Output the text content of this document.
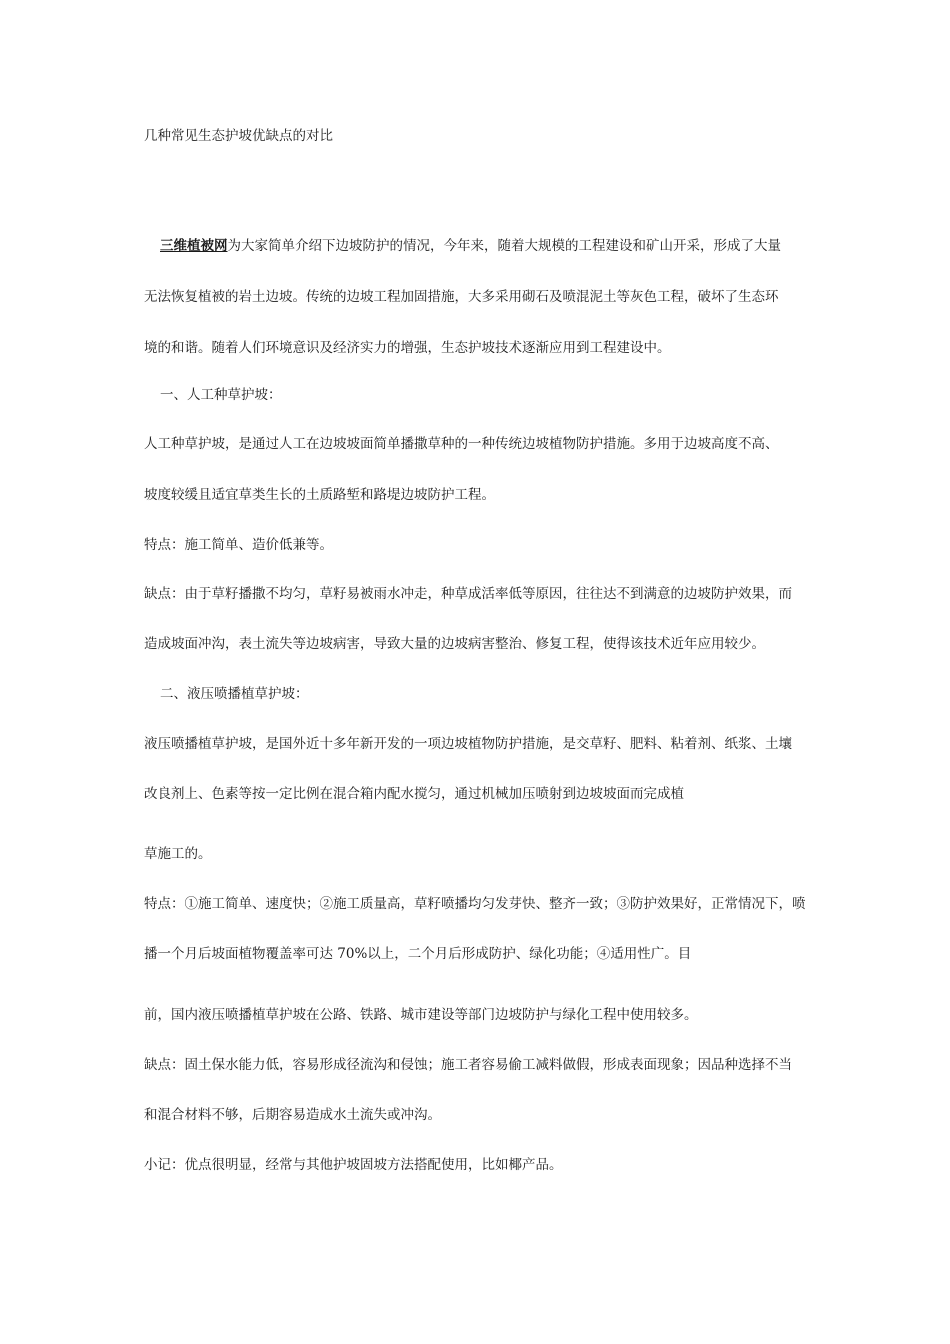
几种常见生态护坡优缺点的对比
三维植被网为大家简单介绍下边坡防护的情况，今年来，随着大规模的工程建设和矿山开采，形成了大量
无法恢复植被的岩土边坡。传统的边坡工程加固措施，大多采用砌石及喷混泥土等灰色工程，破坏了生态环
境的和谐。随着人们环境意识及经济实力的增强，生态护坡技术逐渐应用到工程建设中。
一、人工种草护坡：
人工种草护坡，是通过人工在边坡坡面简单播撒草种的一种传统边坡植物防护措施。多用于边坡高度不高、
坡度较缓且适宜草类生长的土质路堑和路堤边坡防护工程。
特点：施工简单、造价低兼等。
缺点：由于草籽播撒不均匀，草籽易被雨水冲走，种草成活率低等原因，往往达不到满意的边坡防护效果，而
造成坡面冲沟，表土流失等边坡病害，导致大量的边坡病害整治、修复工程，使得该技术近年应用较少。
二、液压喷播植草护坡：
液压喷播植草护坡，是国外近十多年新开发的一项边坡植物防护措施，是交草籽、肥料、粘着剂、纸浆、土壤
改良剂上、色素等按一定比例在混合箱内配水搅匀，通过机械加压喷射到边坡坡面而完成植
草施工的。
特点：①施工简单、速度快；②施工质量高，草籽喷播均匀发芽快、整齐一致；③防护效果好，正常情况下，喷
播一个月后坡面植物覆盖率可达 70%以上，二个月后形成防护、绿化功能；④适用性广。目
前，国内液压喷播植草护坡在公路、铁路、城市建设等部门边坡防护与绿化工程中使用较多。
缺点：固土保水能力低，容易形成径流沟和侵蚀；施工者容易偷工减料做假，形成表面现象；因品种选择不当
和混合材料不够，后期容易造成水土流失或冲沟。
小记：优点很明显，经常与其他护坡固坡方法搭配使用，比如椰产品。
